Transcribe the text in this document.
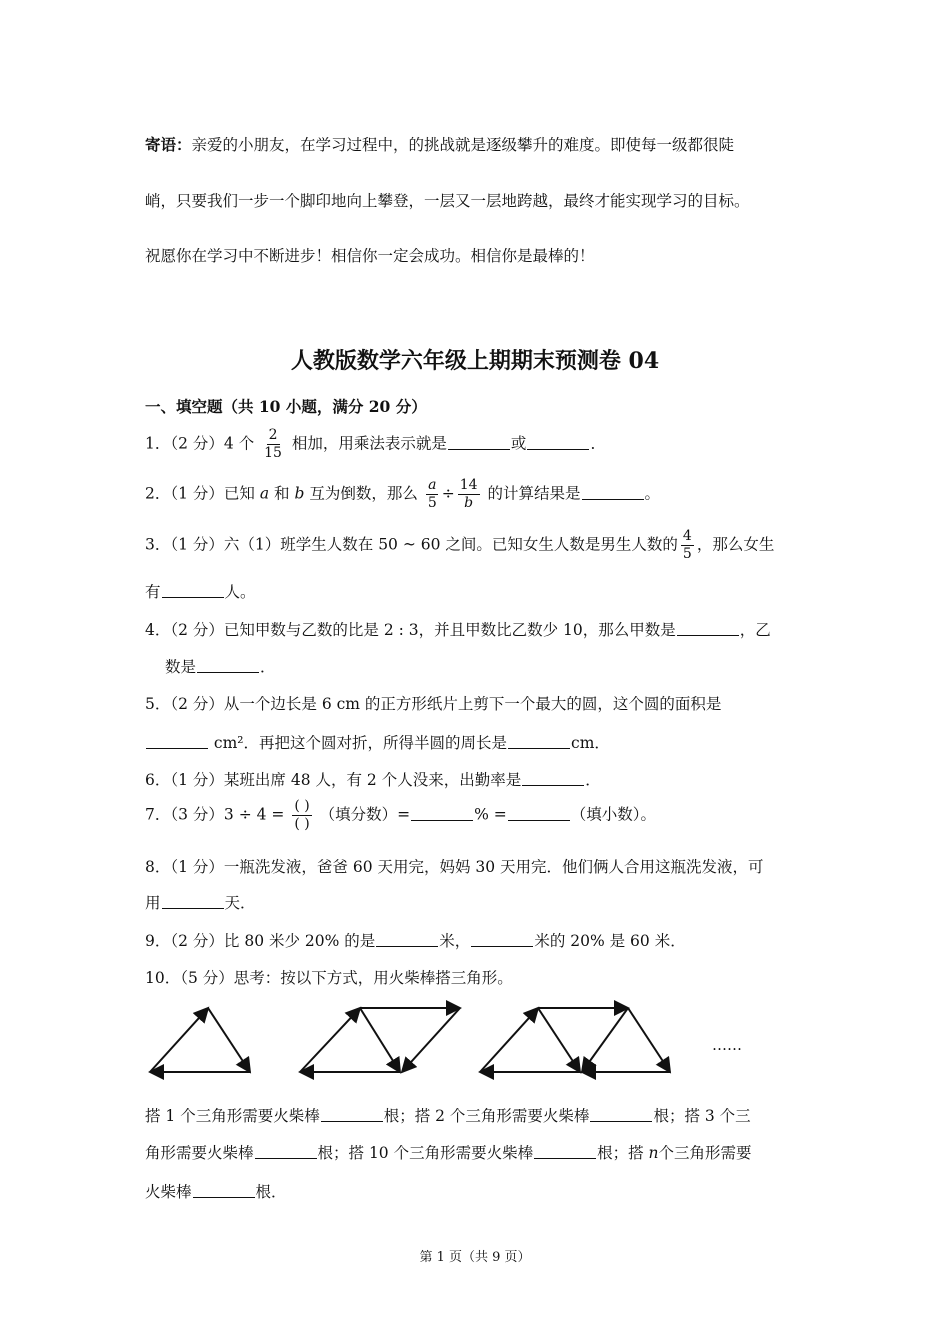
寄语：亲爱的小朋友，在学习过程中，的挑战就是逐级攀升的难度。即使每一级都很陡
峭，只要我们一步一个脚印地向上攀登，一层又一层地跨越，最终才能实现学习的目标。
祝愿你在学习中不断进步！相信你一定会成功。相信你是最棒的！
人教版数学六年级上期期末预测卷 04
一、填空题（共 10 小题，满分 20 分）
1．（2 分）4 个 $\frac{2}{15}$ 相加，用乘法表示就是	或	．
2．（1 分）已知 a 和 b 互为倒数，那么 $\frac{a}{5} \div \frac{14}{b}$ 的计算结果是	。
3．（1 分）六（1）班学生人数在 50 ~ 60 之间。已知女生人数是男生人数的 $\frac{4}{5}$ ，那么女生
有	人。
4．（2 分）已知甲数与乙数的比是 2 : 3，并且甲数比乙数少 10，那么甲数是	，乙
数是	．
5．（2 分）从一个边长是 6 cm 的正方形纸片上剪下一个最大的圆，这个圆的面积是
cm²．再把这个圆对折，所得半圆的周长是	cm．
6．（1 分）某班出席 48 人，有 2 个人没来，出勤率是	．
7．（3 分）$3 \div 4 = \frac{( )}{( )}$ （填分数）=	% =	（填小数）。
8．（1 分）一瓶洗发液，爸爸 60 天用完，妈妈 30 天用完．他们俩人合用这瓶洗发液，可
用	天．
9．（2 分）比 80 米少 20% 的是	米，	米的 20% 是 60 米．
10．（5 分）思考：按以下方式，用火柴棒搭三角形。
……
搭 1 个三角形需要火柴棒	根；搭 2 个三角形需要火柴棒	根；搭 3 个三
角形需要火柴棒	根；搭 10 个三角形需要火柴棒	根；搭 n个三角形需要
火柴棒	根．
第 1 页（共 9 页）
